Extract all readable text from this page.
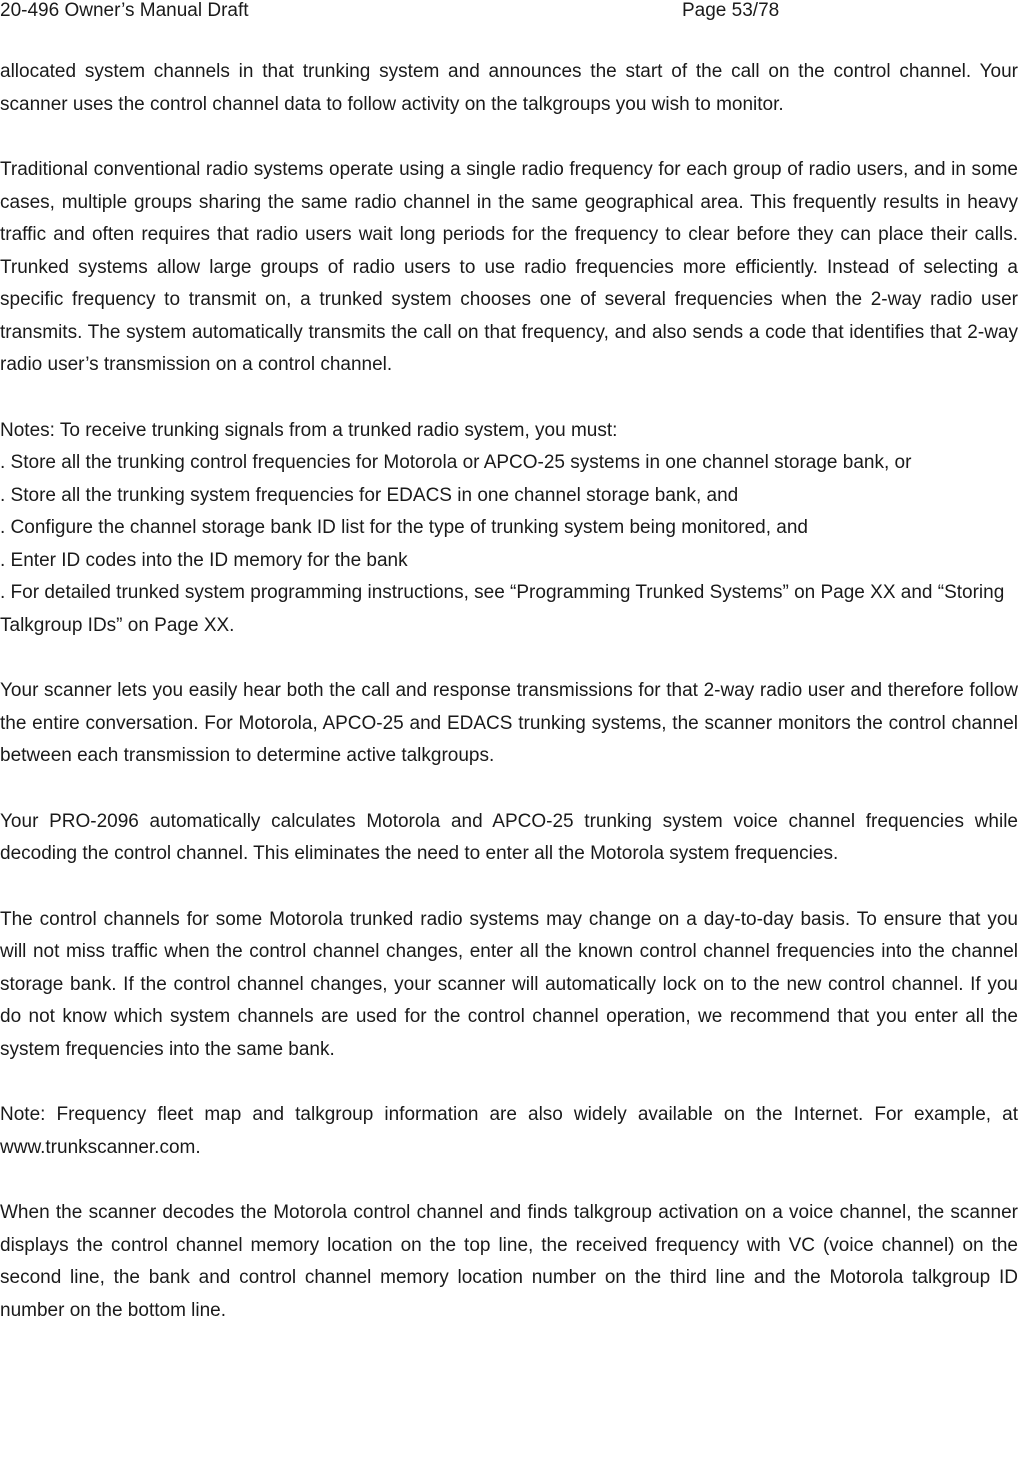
20-496 Owner’s Manual Draft	Page 53/78

allocated system channels in that trunking system and announces the start of the call on the control channel. Your scanner uses the control channel data to follow activity on the talkgroups you wish to monitor.

Traditional conventional radio systems operate using a single radio frequency for each group of radio users, and in some cases, multiple groups sharing the same radio channel in the same geographical area. This frequently results in heavy traffic and often requires that radio users wait long periods for the frequency to clear before they can place their calls. Trunked systems allow large groups of radio users to use radio frequencies more efficiently. Instead of selecting a specific frequency to transmit on, a trunked system chooses one of several frequencies when the 2-way radio user transmits. The system automatically transmits the call on that frequency, and also sends a code that identifies that 2-way radio user’s transmission on a control channel.

Notes: To receive trunking signals from a trunked radio system, you must:
. Store all the trunking control frequencies for Motorola or APCO-25 systems in one channel storage bank, or
. Store all the trunking system frequencies for EDACS in one channel storage bank, and
. Configure the channel storage bank ID list for the type of trunking system being monitored, and
. Enter ID codes into the ID memory for the bank
. For detailed trunked system programming instructions, see “Programming Trunked Systems” on Page XX and “Storing Talkgroup IDs” on Page XX.

Your scanner lets you easily hear both the call and response transmissions for that 2-way radio user and therefore follow the entire conversation. For Motorola, APCO-25 and EDACS trunking systems, the scanner monitors the control channel between each transmission to determine active talkgroups.

Your PRO-2096 automatically calculates Motorola and APCO-25 trunking system voice channel frequencies while decoding the control channel. This eliminates the need to enter all the Motorola system frequencies.

The control channels for some Motorola trunked radio systems may change on a day-to-day basis. To ensure that you will not miss traffic when the control channel changes, enter all the known control channel frequencies into the channel storage bank. If the control channel changes, your scanner will automatically lock on to the new control channel. If you do not know which system channels are used for the control channel operation, we recommend that you enter all the system frequencies into the same bank.

Note: Frequency fleet map and talkgroup information are also widely available on the Internet. For example, at www.trunkscanner.com.

When the scanner decodes the Motorola control channel and finds talkgroup activation on a voice channel, the scanner displays the control channel memory location on the top line, the received frequency with VC (voice channel) on the second line, the bank and control channel memory location number on the third line and the Motorola talkgroup ID number on the bottom line.
